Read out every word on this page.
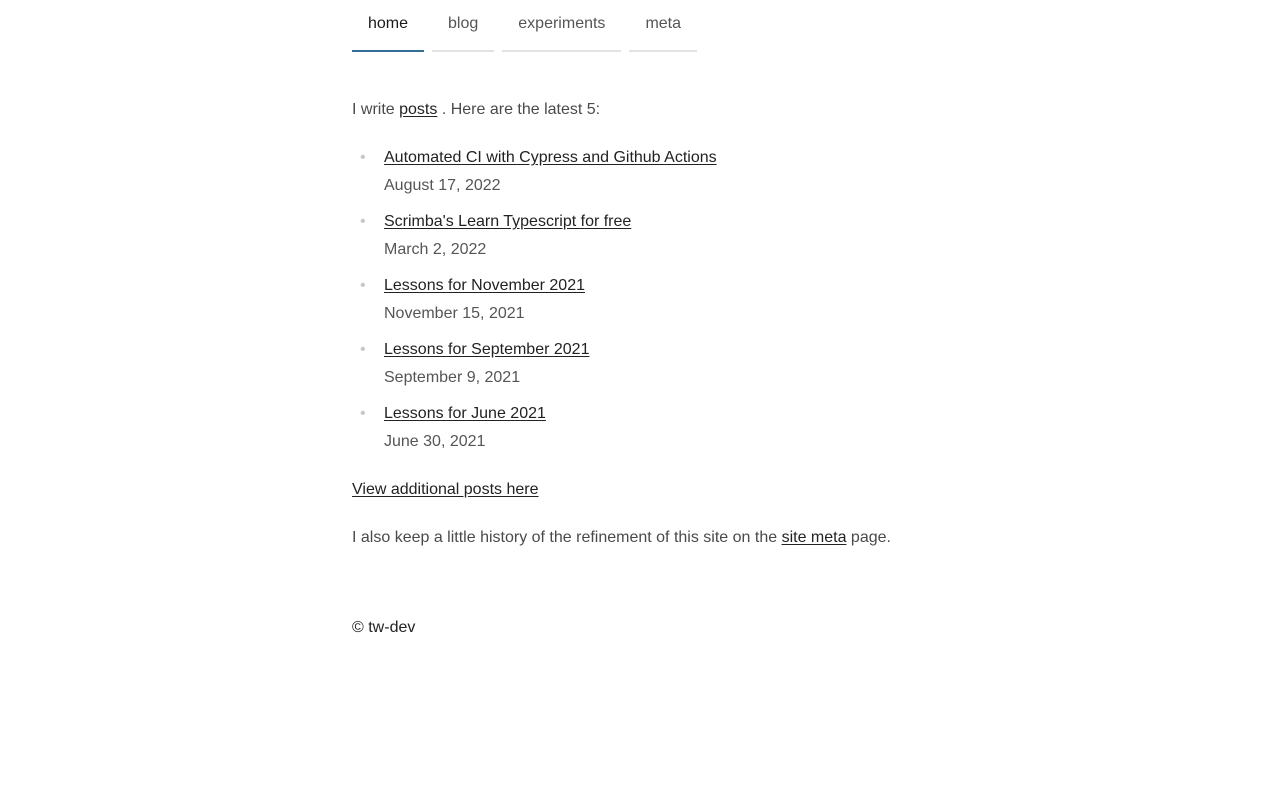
home	blog	experiments	meta

I write posts . Here are the latest 5:

• Automated CI with Cypress and Github Actions
August 17, 2022
• Scrimba's Learn Typescript for free
March 2, 2022
• Lessons for November 2021
November 15, 2021
• Lessons for September 2021
September 9, 2021
• Lessons for June 2021
June 30, 2021
View additional posts here

I also keep a little history of the refinement of this site on the site meta page.

© tw-dev
